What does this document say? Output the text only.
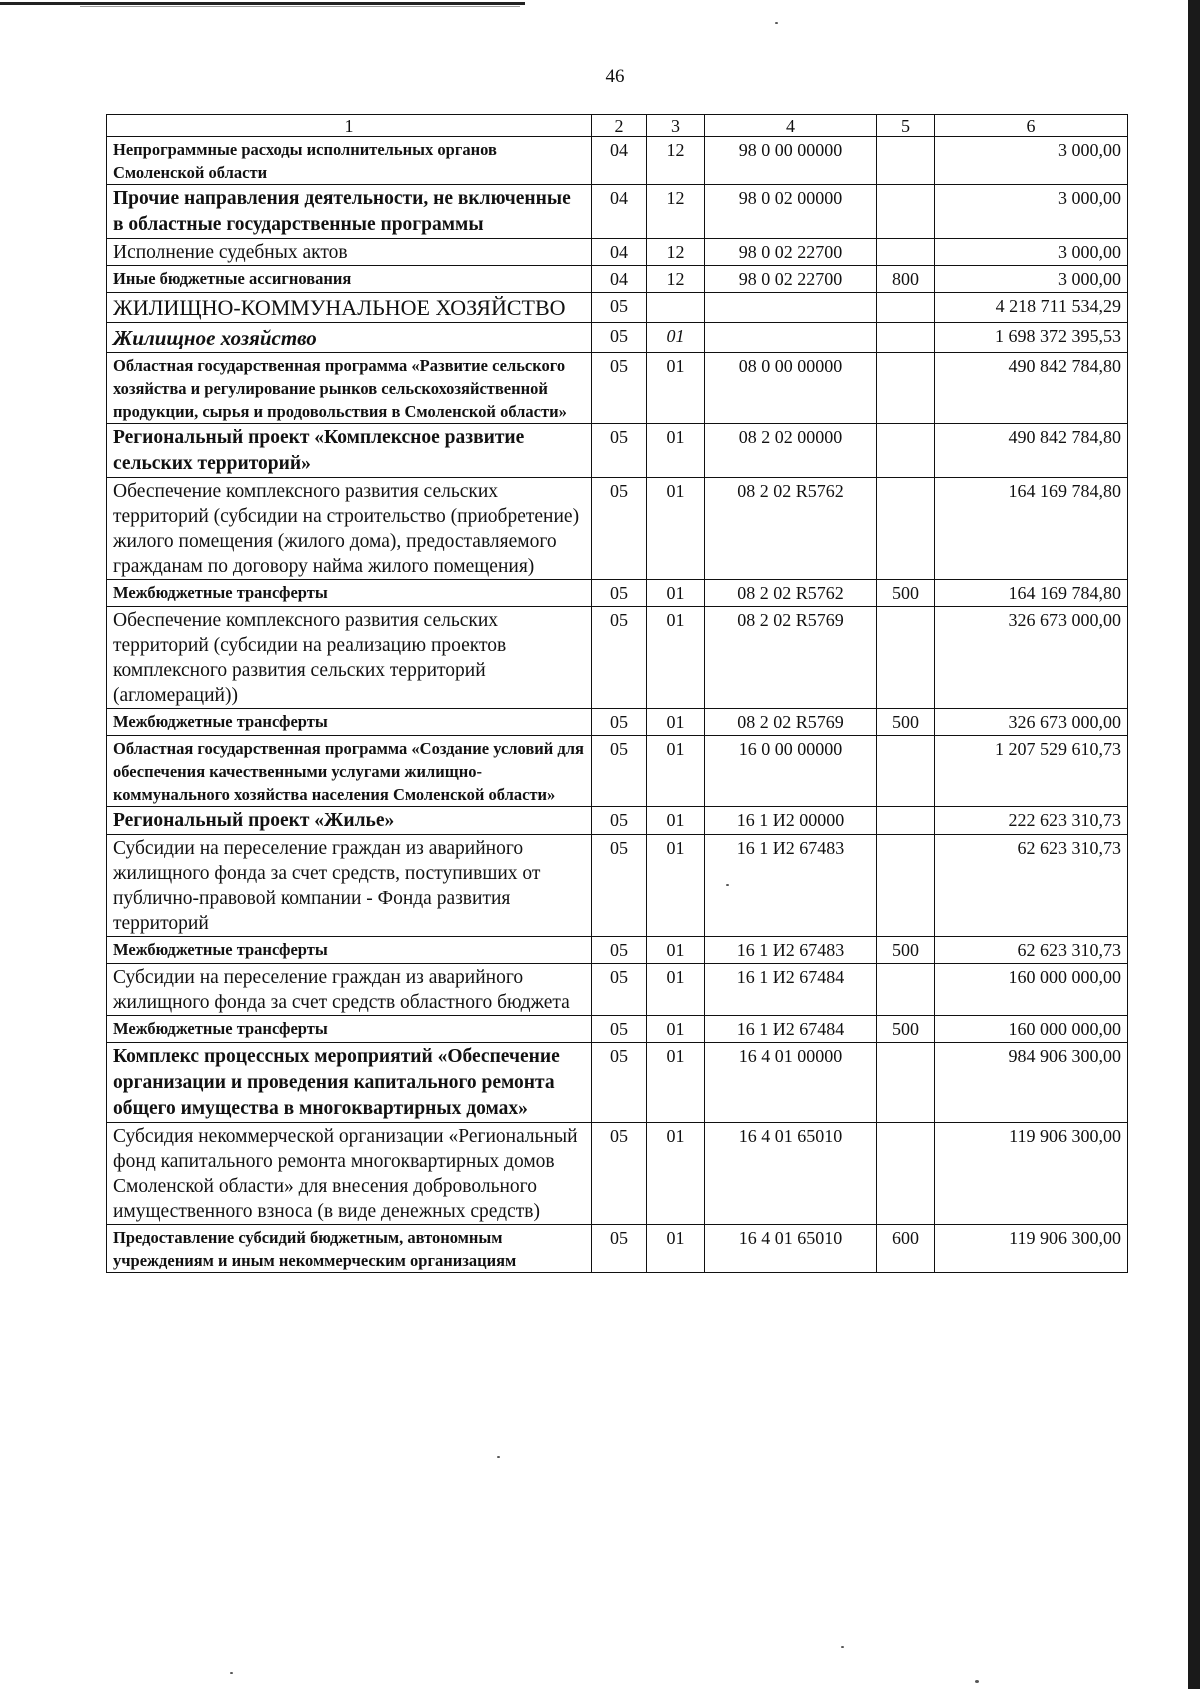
46
1	2	3	4	5	6
Непрограммные расходы исполнительных органов Смоленской области	04	12	98 0 00 00000		3 000,00
Прочие направления деятельности, не включенные в областные государственные программы	04	12	98 0 02 00000		3 000,00
Исполнение судебных актов	04	12	98 0 02 22700		3 000,00
Иные бюджетные ассигнования	04	12	98 0 02 22700	800	3 000,00
ЖИЛИЩНО-КОММУНАЛЬНОЕ ХОЗЯЙСТВО	05				4 218 711 534,29
Жилищное хозяйство	05	01			1 698 372 395,53
Областная государственная программа «Развитие сельского хозяйства и регулирование рынков сельскохозяйственной продукции, сырья и продовольствия в Смоленской области»	05	01	08 0 00 00000		490 842 784,80
Региональный проект «Комплексное развитие сельских территорий»	05	01	08 2 02 00000		490 842 784,80
Обеспечение комплексного развития сельских территорий (субсидии на строительство (приобретение) жилого помещения (жилого дома), предоставляемого гражданам по договору найма жилого помещения)	05	01	08 2 02 R5762		164 169 784,80
Межбюджетные трансферты	05	01	08 2 02 R5762	500	164 169 784,80
Обеспечение комплексного развития сельских территорий (субсидии на реализацию проектов комплексного развития сельских территорий (агломераций))	05	01	08 2 02 R5769		326 673 000,00
Межбюджетные трансферты	05	01	08 2 02 R5769	500	326 673 000,00
Областная государственная программа «Создание условий для обеспечения качественными услугами жилищно-коммунального хозяйства населения Смоленской области»	05	01	16 0 00 00000		1 207 529 610,73
Региональный проект «Жилье»	05	01	16 1 И2 00000		222 623 310,73
Субсидии на переселение граждан из аварийного жилищного фонда за счет средств, поступивших от публично-правовой компании - Фонда развития территорий	05	01	16 1 И2 67483		62 623 310,73
Межбюджетные трансферты	05	01	16 1 И2 67483	500	62 623 310,73
Субсидии на переселение граждан из аварийного жилищного фонда за счет средств областного бюджета	05	01	16 1 И2 67484		160 000 000,00
Межбюджетные трансферты	05	01	16 1 И2 67484	500	160 000 000,00
Комплекс процессных мероприятий «Обеспечение организации и проведения капитального ремонта общего имущества в многоквартирных домах»	05	01	16 4 01 00000		984 906 300,00
Субсидия некоммерческой организации «Региональный фонд капитального ремонта многоквартирных домов Смоленской области» для внесения добровольного имущественного взноса (в виде денежных средств)	05	01	16 4 01 65010		119 906 300,00
Предоставление субсидий бюджетным, автономным учреждениям и иным некоммерческим организациям	05	01	16 4 01 65010	600	119 906 300,00
